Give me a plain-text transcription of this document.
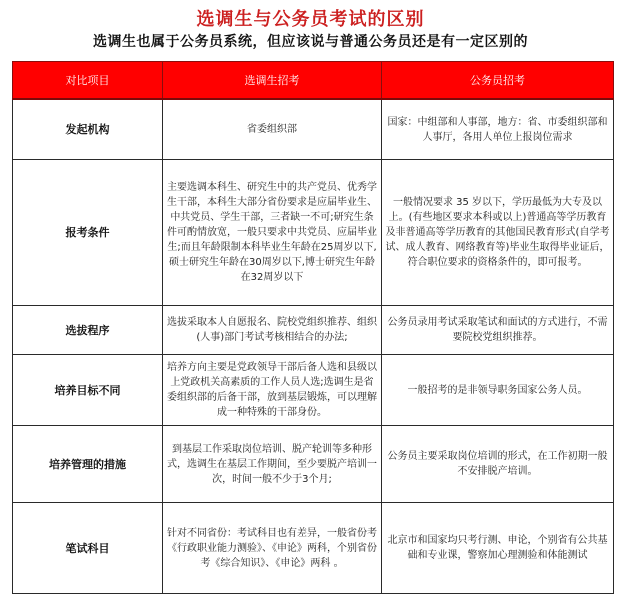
选调生与公务员考试的区别
选调生也属于公务员系统，但应该说与普通公务员还是有一定区别的
对比项目	选调生招考	公务员招考
发起机构	省委组织部	国家：中组部和人事部，地方：省、市委组织部和人事厅，各用人单位上报岗位需求
报考条件	主要选调本科生、研究生中的共产党员、优秀学生干部，本科生大部分省份要求是应届毕业生、中共党员、学生干部，三者缺一不可;研究生条件可酌情放宽，一般只要求中共党员、应届毕业生;而且年龄限制本科毕业生年龄在25周岁以下,硕士研究生年龄在30周岁以下,博士研究生年龄在32周岁以下	一般情况要求 35 岁以下，学历最低为大专及以上。(有些地区要求本科或以上)普通高等学历教育及非普通高等学历教育的其他国民教育形式(自学考试、成人教育、网络教育等)毕业生取得毕业证后，符合职位要求的资格条件的，即可报考。
选拔程序	选拔采取本人自愿报名、院校党组织推荐、组织(人事)部门考试考核相结合的办法;	公务员录用考试采取笔试和面试的方式进行，不需要院校党组织推荐。
培养目标不同	培养方向主要是党政领导干部后备人选和县级以上党政机关高素质的工作人员人选;选调生是省委组织部的后备干部，放到基层锻炼，可以理解成一种特殊的干部身份。	一般招考的是非领导职务国家公务人员。
培养管理的措施	到基层工作采取岗位培训、脱产轮训等多种形式，选调生在基层工作期间，至少要脱产培训一次，时间一般不少于3个月;	公务员主要采取岗位培训的形式，在工作初期一般不安排脱产培训。
笔试科目	针对不同省份：考试科目也有差异，一般省份考《行政职业能力测验》、《申论》两科，个别省份考《综合知识》、《申论》两科 。	北京市和国家均只考行测、申论，个别省有公共基础和专业课，警察加心理测验和体能测试
